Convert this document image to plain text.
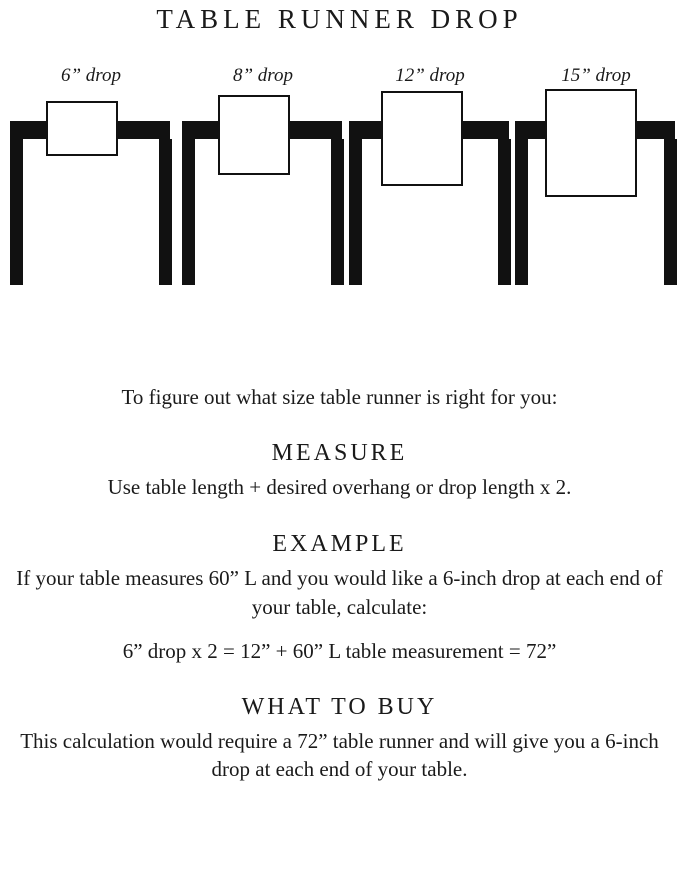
TABLE RUNNER DROP
6” drop	8” drop	12” drop	15” drop

To figure out what size table runner is right for you:

MEASURE

Use table length + desired overhang or drop length x 2.

EXAMPLE

If your table measures 60” L and you would like a 6-inch drop at each end of your table, calculate:

6” drop x 2 = 12” + 60” L table measurement = 72”

WHAT TO BUY

This calculation would require a 72” table runner and will give you a 6-inch drop at each end of your table.
